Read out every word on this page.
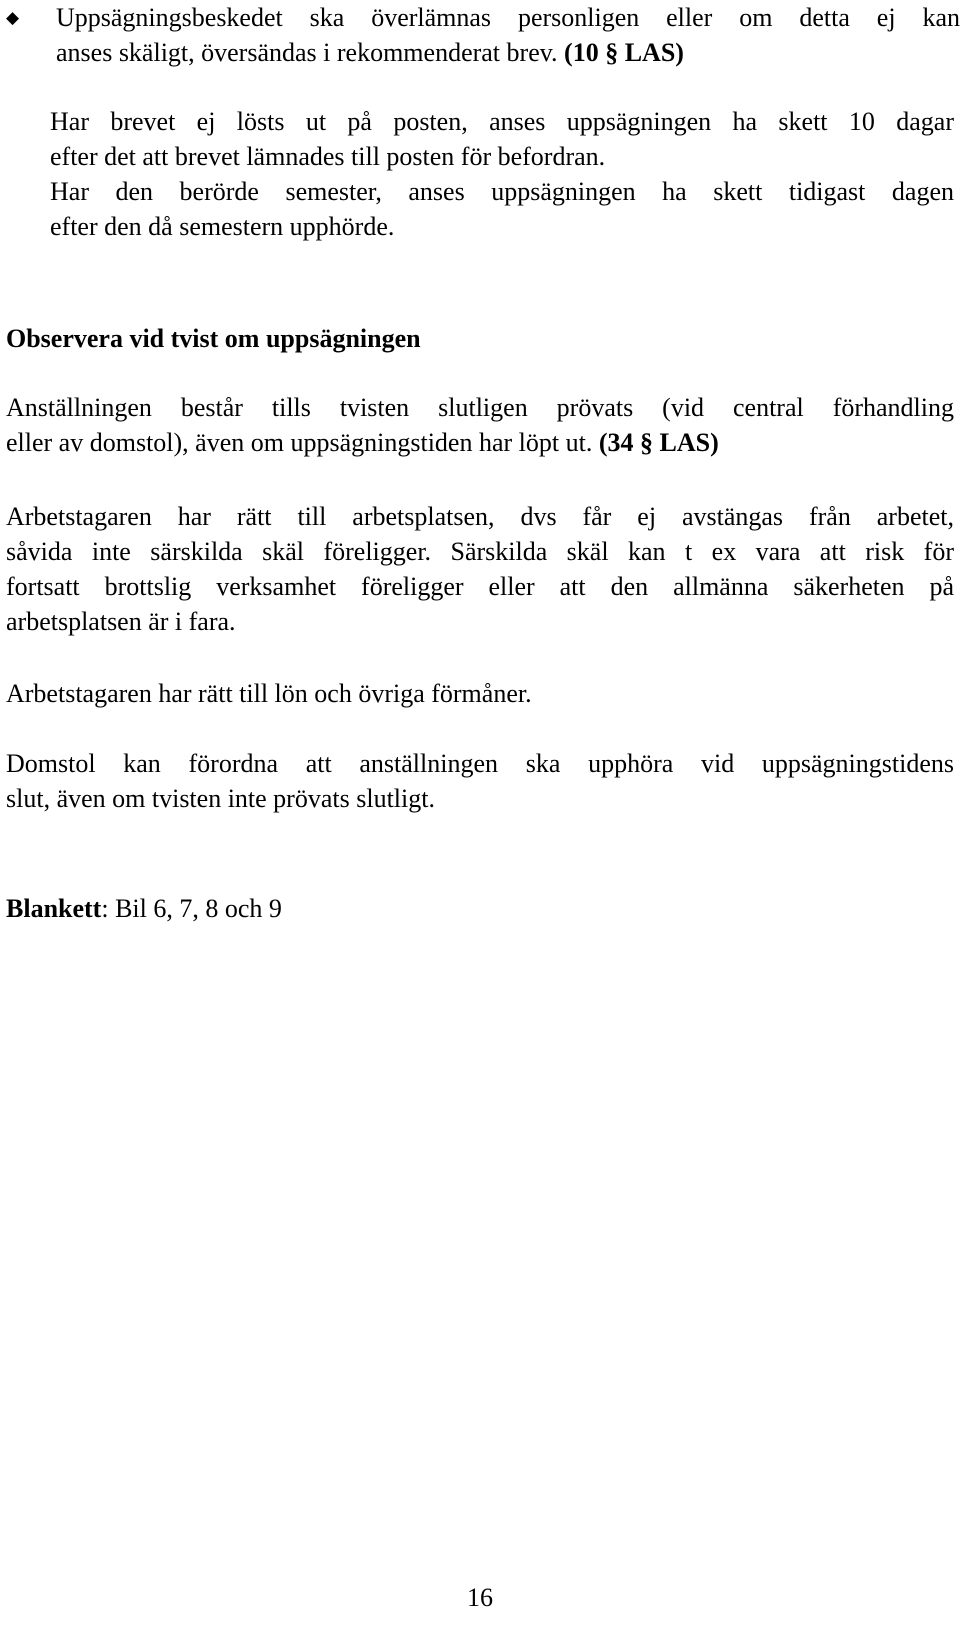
◆ Uppsägningsbeskedet ska överlämnas personligen eller om detta ej kan
anses skäligt, översändas i rekommenderat brev. (10 § LAS)

Har brevet ej lösts ut på posten, anses uppsägningen ha skett 10 dagar
efter det att brevet lämnades till posten för befordran.
Har den berörde semester, anses uppsägningen ha skett tidigast dagen
efter den då semestern upphörde.

Observera vid tvist om uppsägningen

Anställningen består tills tvisten slutligen prövats (vid central förhandling
eller av domstol), även om uppsägningstiden har löpt ut. (34 § LAS)

Arbetstagaren har rätt till arbetsplatsen, dvs får ej avstängas från arbetet,
såvida inte särskilda skäl föreligger. Särskilda skäl kan t ex vara att risk för
fortsatt brottslig verksamhet föreligger eller att den allmänna säkerheten på
arbetsplatsen är i fara.

Arbetstagaren har rätt till lön och övriga förmåner.

Domstol kan förordna att anställningen ska upphöra vid uppsägningstidens
slut, även om tvisten inte prövats slutligt.

Blankett: Bil 6, 7, 8 och 9

16
